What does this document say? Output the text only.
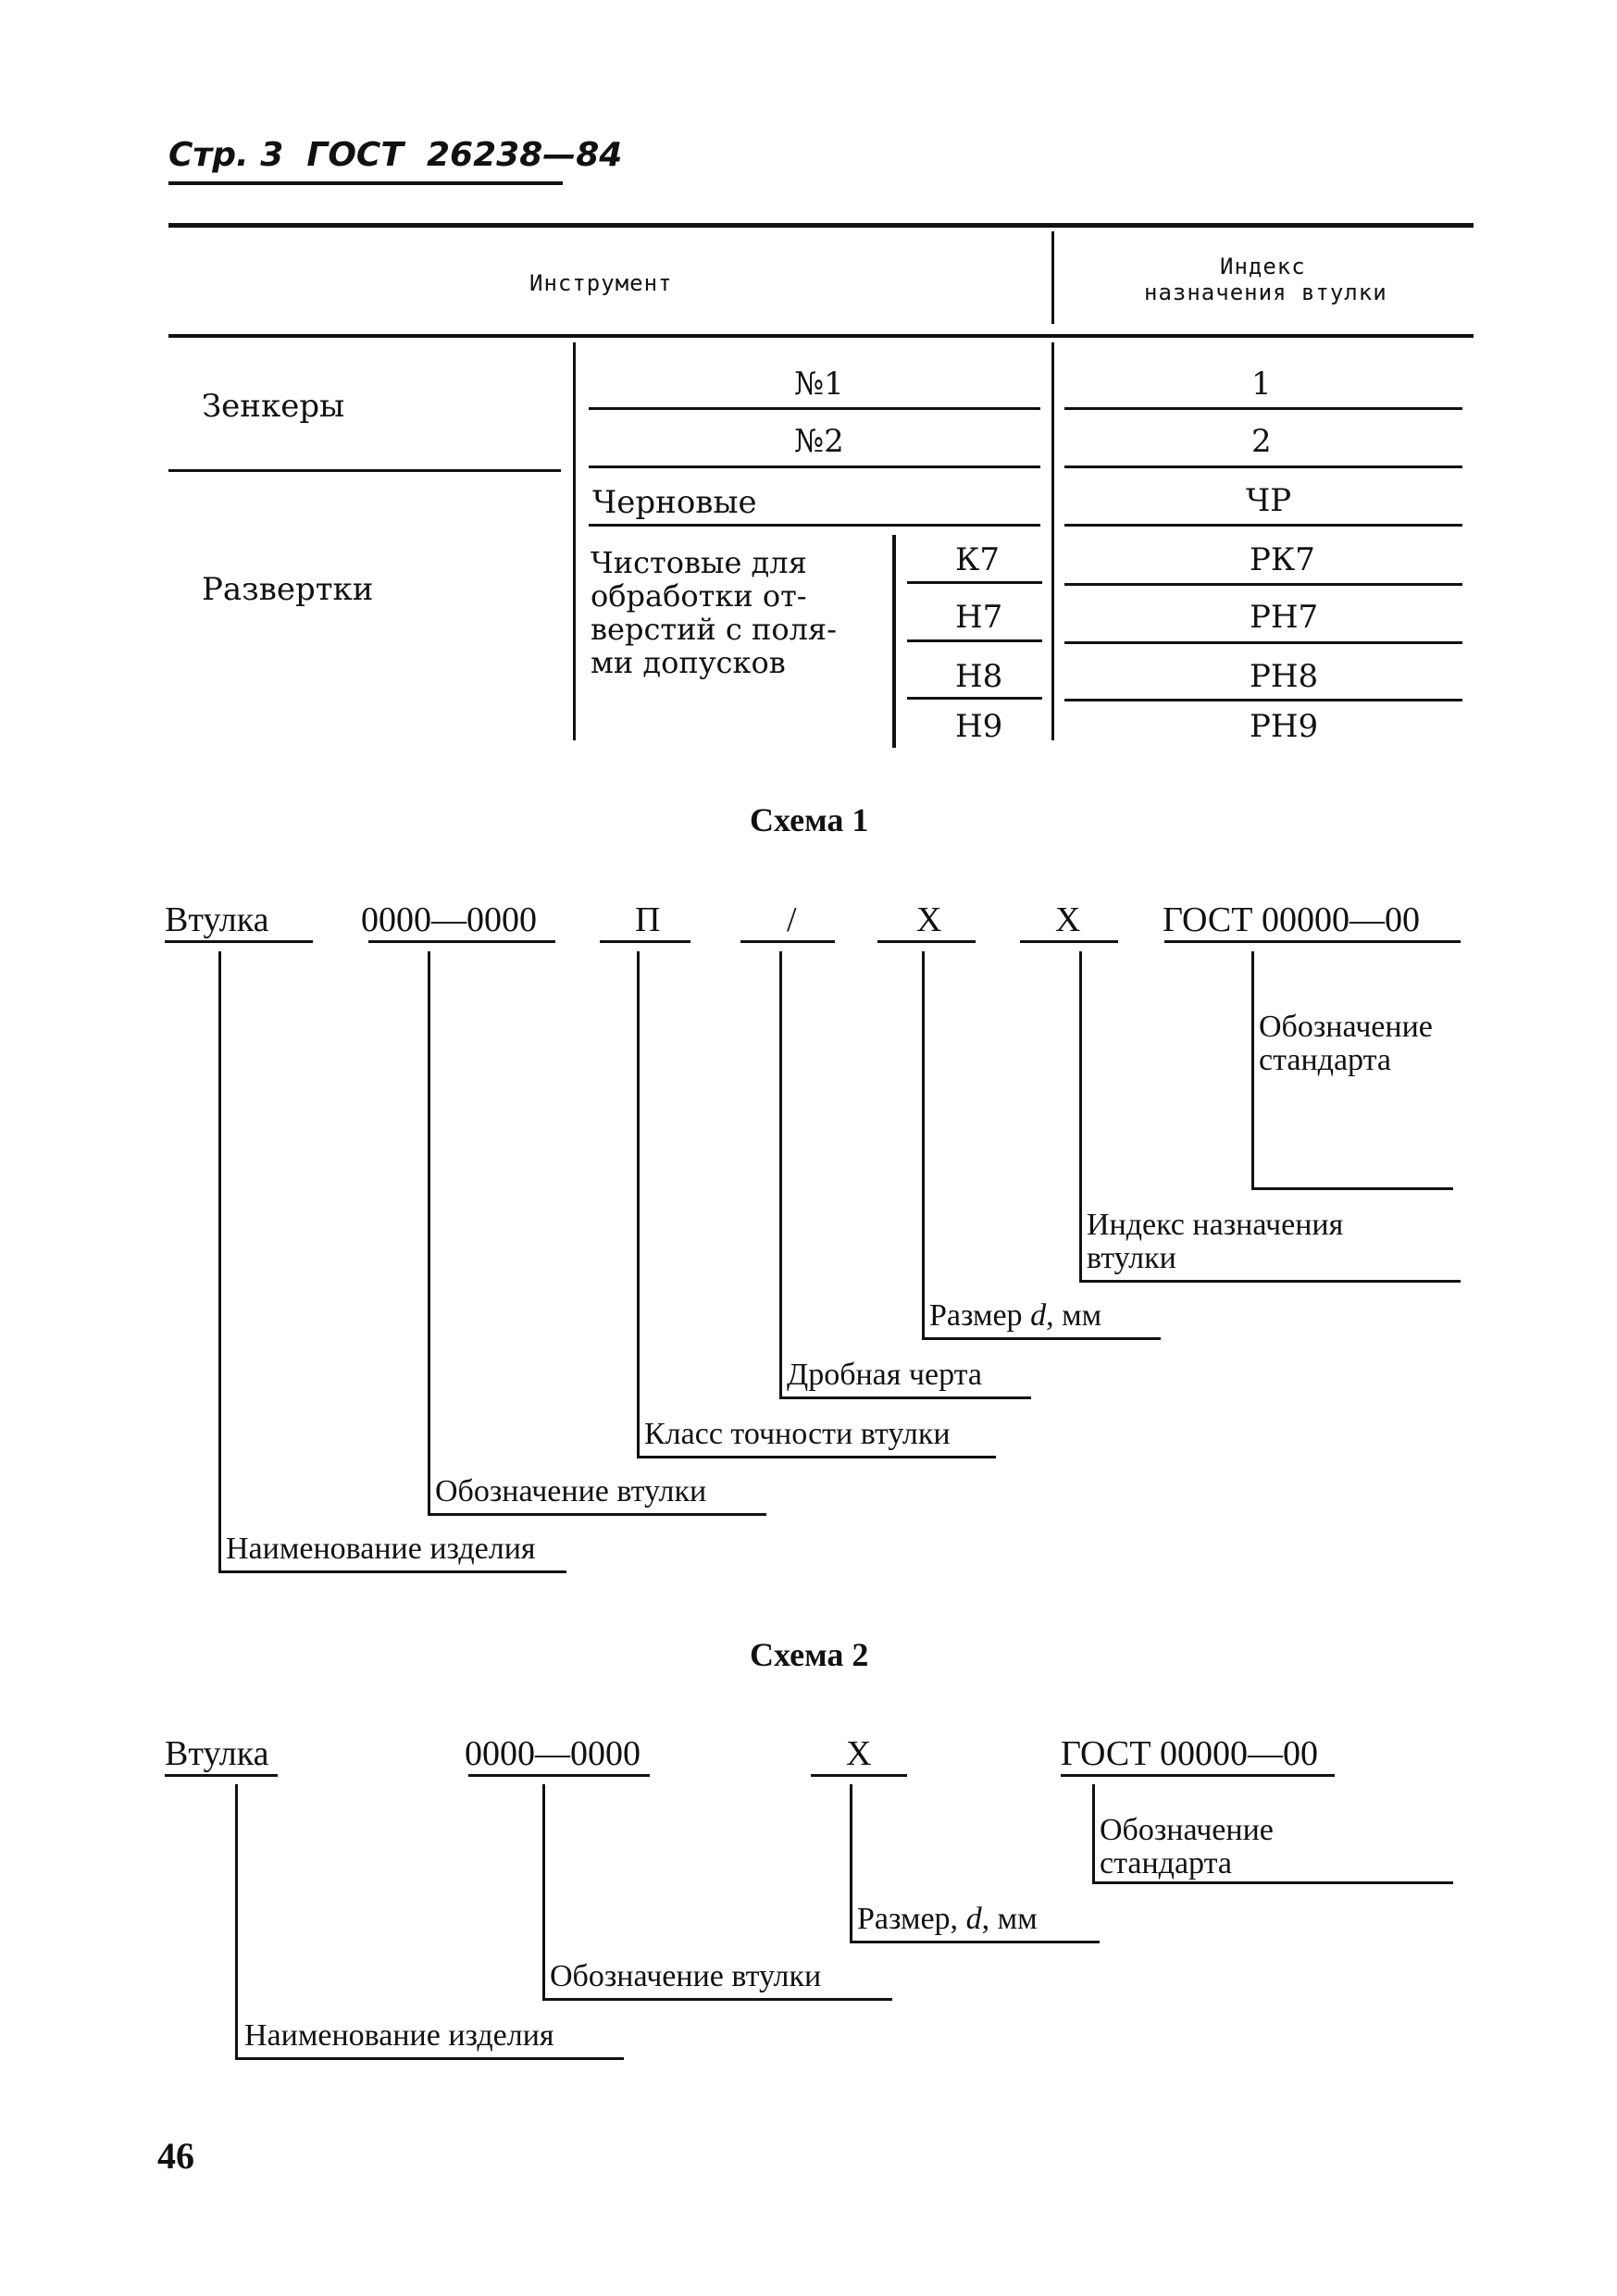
Стр. 3 ГОСТ 26238—84
Инструмент
Индекс
назначения втулки
Зенкеры
№1	1
№2	2
Развертки
Черновые	ЧР
Чистовые для
обработки от-
верстий с поля-
ми допусков
К7	РК7
Н7	РН7
Н8	РН8
Н9	РН9
Схема 1
Втулка	0000—0000	П	/	Х	Х ГОСТ 00000—00
Обозначение
стандарта
Индекс назначения
втулки
Размер d, мм
Дробная черта
Класс точности втулки
Обозначение втулки
Наименование изделия
Схема 2
Втулка	0000—0000	Х	ГОСТ 00000—00
Обозначение
стандарта
Размер, d, мм
Обозначение втулки
Наименование изделия
46
